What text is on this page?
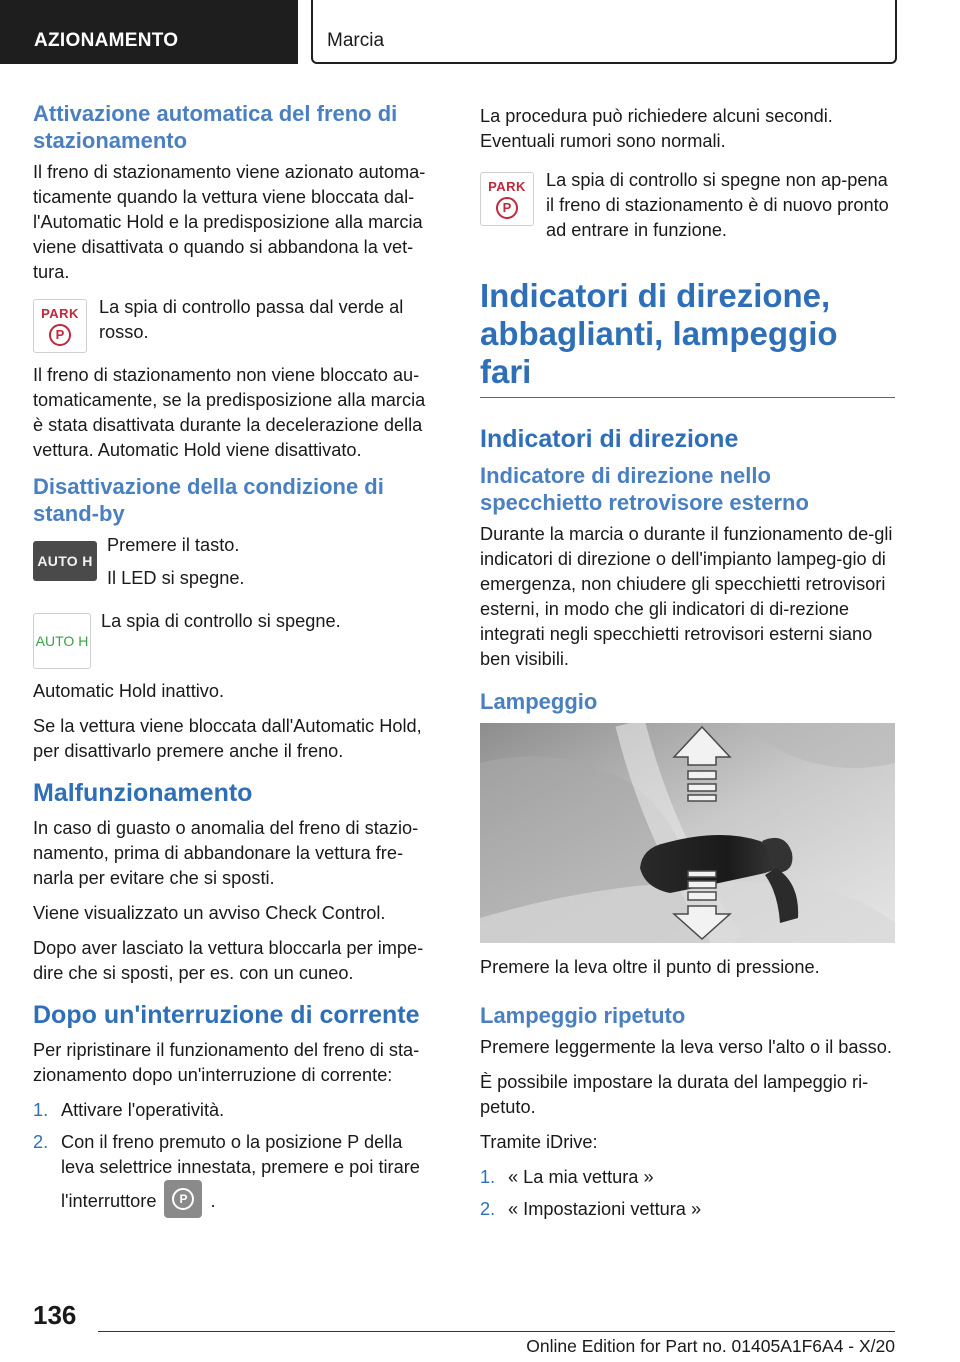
AZIONAMENTO	Marcia
Attivazione automatica del freno di stazionamento

Il freno di stazionamento viene azionato automa-ticamente quando la vettura viene bloccata dal-l'Automatic Hold e la predisposizione alla marcia viene disattivata o quando si abbandona la vet-tura.

PARK
P

La spia di controllo passa dal verde al rosso.

Il freno di stazionamento non viene bloccato au-tomaticamente, se la predisposizione alla marcia è stata disattivata durante la decelerazione della vettura. Automatic Hold viene disattivato.

Disattivazione della condizione di stand-by
AUTO H

Premere il tasto.

Il LED si spegne.

AUTO H

La spia di controllo si spegne.

Automatic Hold inattivo.

Se la vettura viene bloccata dall'Automatic Hold, per disattivarlo premere anche il freno.

Malfunzionamento

In caso di guasto o anomalia del freno di stazio-namento, prima di abbandonare la vettura fre-narla per evitare che si sposti.

Viene visualizzato un avviso Check Control.

Dopo aver lasciato la vettura bloccarla per impe-dire che si sposti, per es. con un cuneo.

Dopo un'interruzione di corrente

Per ripristinare il funzionamento del freno di sta-zionamento dopo un'interruzione di corrente:

1. Attivare l'operatività.
2. Con il freno premuto o la posizione P della leva selettrice innestata, premere e poi tirare l'interruttore	P	.

La procedura può richiedere alcuni secondi.
Eventuali rumori sono normali.

PARK
P

La spia di controllo si spegne non ap-pena il freno di stazionamento è di nuovo pronto ad entrare in funzione.

Indicatori di direzione, abbaglianti, lampeggio fari
Indicatori di direzione
Indicatore di direzione nello specchietto retrovisore esterno

Durante la marcia o durante il funzionamento de-gli indicatori di direzione o dell'impianto lampeg-gio di emergenza, non chiudere gli specchietti retrovisori esterni, in modo che gli indicatori di di-rezione integrati negli specchietti retrovisori esterni siano ben visibili.

Lampeggio

Premere la leva oltre il punto di pressione.

Lampeggio ripetuto

Premere leggermente la leva verso l'alto o il basso.

È possibile impostare la durata del lampeggio ri-petuto.

Tramite iDrive:

1. « La mia vettura »
2. « Impostazioni vettura »
136
Online Edition for Part no. 01405A1F6A4 - X/20
